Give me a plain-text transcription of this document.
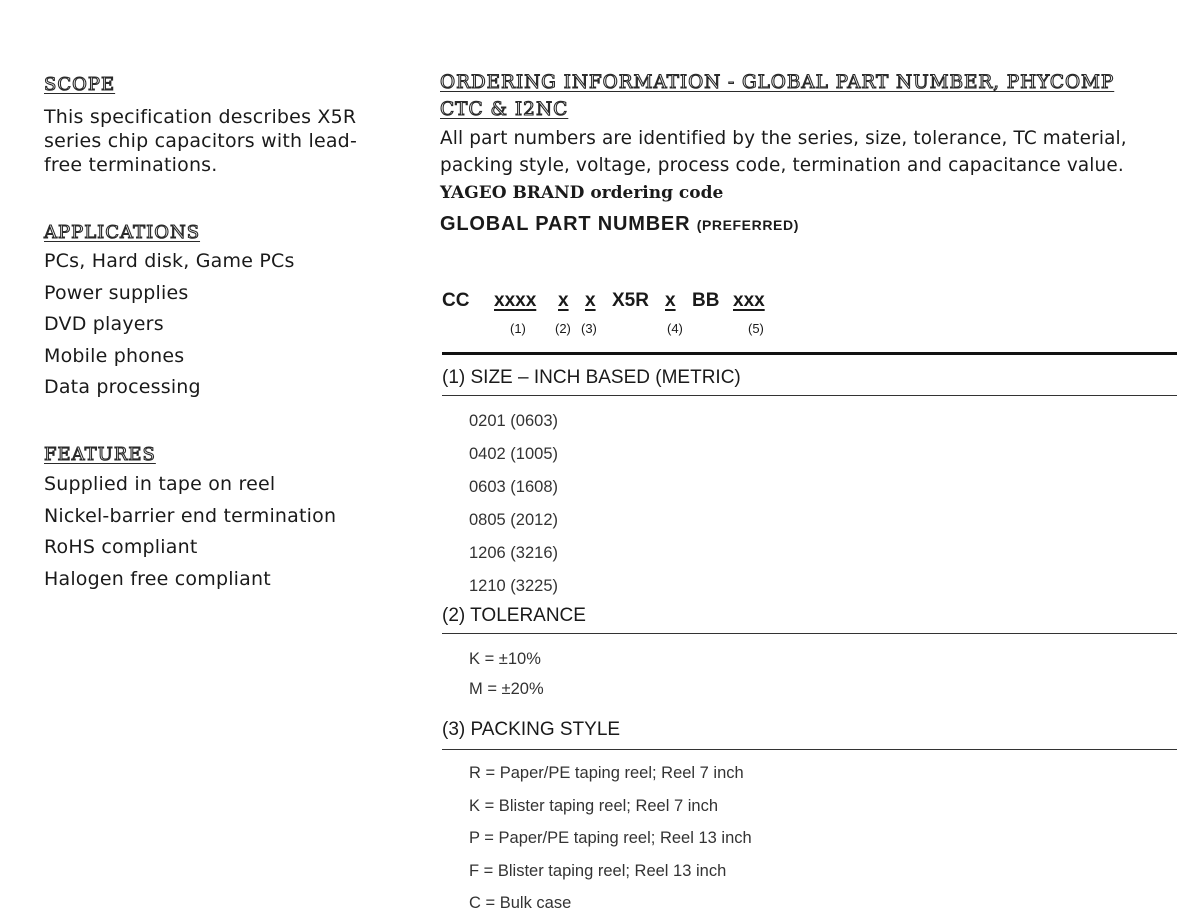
SCOPE
This specification describes X5R series chip capacitors with lead-free terminations.
APPLICATIONS
PCs, Hard disk, Game PCs
Power supplies
DVD players
Mobile phones
Data processing
FEATURES
Supplied in tape on reel
Nickel-barrier end termination
RoHS compliant
Halogen free compliant
ORDERING INFORMATION - GLOBAL PART NUMBER, PHYCOMP
CTC & I2NC
All part numbers are identified by the series, size, tolerance, TC material, packing style, voltage, process code, termination and capacitance value.
YAGEO BRAND ordering code
GLOBAL PART NUMBER (PREFERRED)
CC xxxx x x X5R x BB xxx
(1) (2) (3)	(4)	(5)
(1) SIZE – INCH BASED (METRIC)
0201 (0603)
0402 (1005)
0603 (1608)
0805 (2012)
1206 (3216)
1210 (3225)
(2) TOLERANCE
K = ±10%
M = ±20%
(3) PACKING STYLE
R = Paper/PE taping reel; Reel 7 inch
K = Blister taping reel; Reel 7 inch
P = Paper/PE taping reel; Reel 13 inch
F = Blister taping reel; Reel 13 inch
C = Bulk case
